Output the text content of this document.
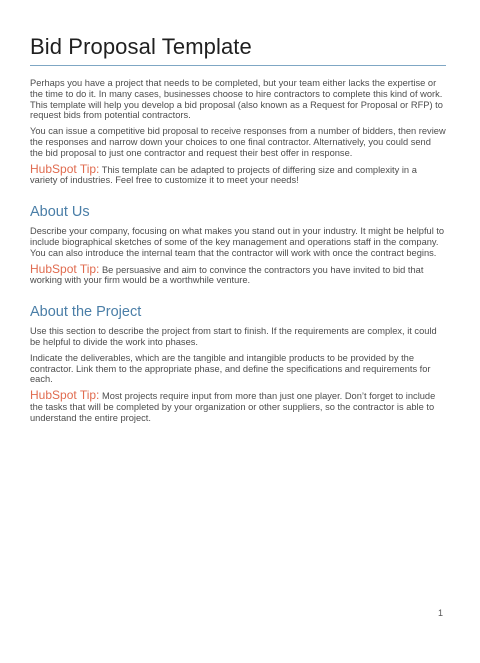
Bid Proposal Template

Perhaps you have a project that needs to be completed, but your team either lacks the expertise or the time to do it. In many cases, businesses choose to hire contractors to complete this kind of work. This template will help you develop a bid proposal (also known as a Request for Proposal or RFP) to request bids from potential contractors.

You can issue a competitive bid proposal to receive responses from a number of bidders, then review the responses and narrow down your choices to one final contractor. Alternatively, you could send the bid proposal to just one contractor and request their best offer in response.

HubSpot Tip: This template can be adapted to projects of differing size and complexity in a variety of industries. Feel free to customize it to meet your needs!

About Us

Describe your company, focusing on what makes you stand out in your industry. It might be helpful to include biographical sketches of some of the key management and operations staff in the company. You can also introduce the internal team that the contractor will work with once the contract begins.

HubSpot Tip: Be persuasive and aim to convince the contractors you have invited to bid that working with your firm would be a worthwhile venture.

About the Project

Use this section to describe the project from start to finish. If the requirements are complex, it could be helpful to divide the work into phases.

Indicate the deliverables, which are the tangible and intangible products to be provided by the contractor. Link them to the appropriate phase, and define the specifications and requirements for each.

HubSpot Tip: Most projects require input from more than just one player. Don’t forget to include the tasks that will be completed by your organization or other suppliers, so the contractor is able to understand the entire project.

1
